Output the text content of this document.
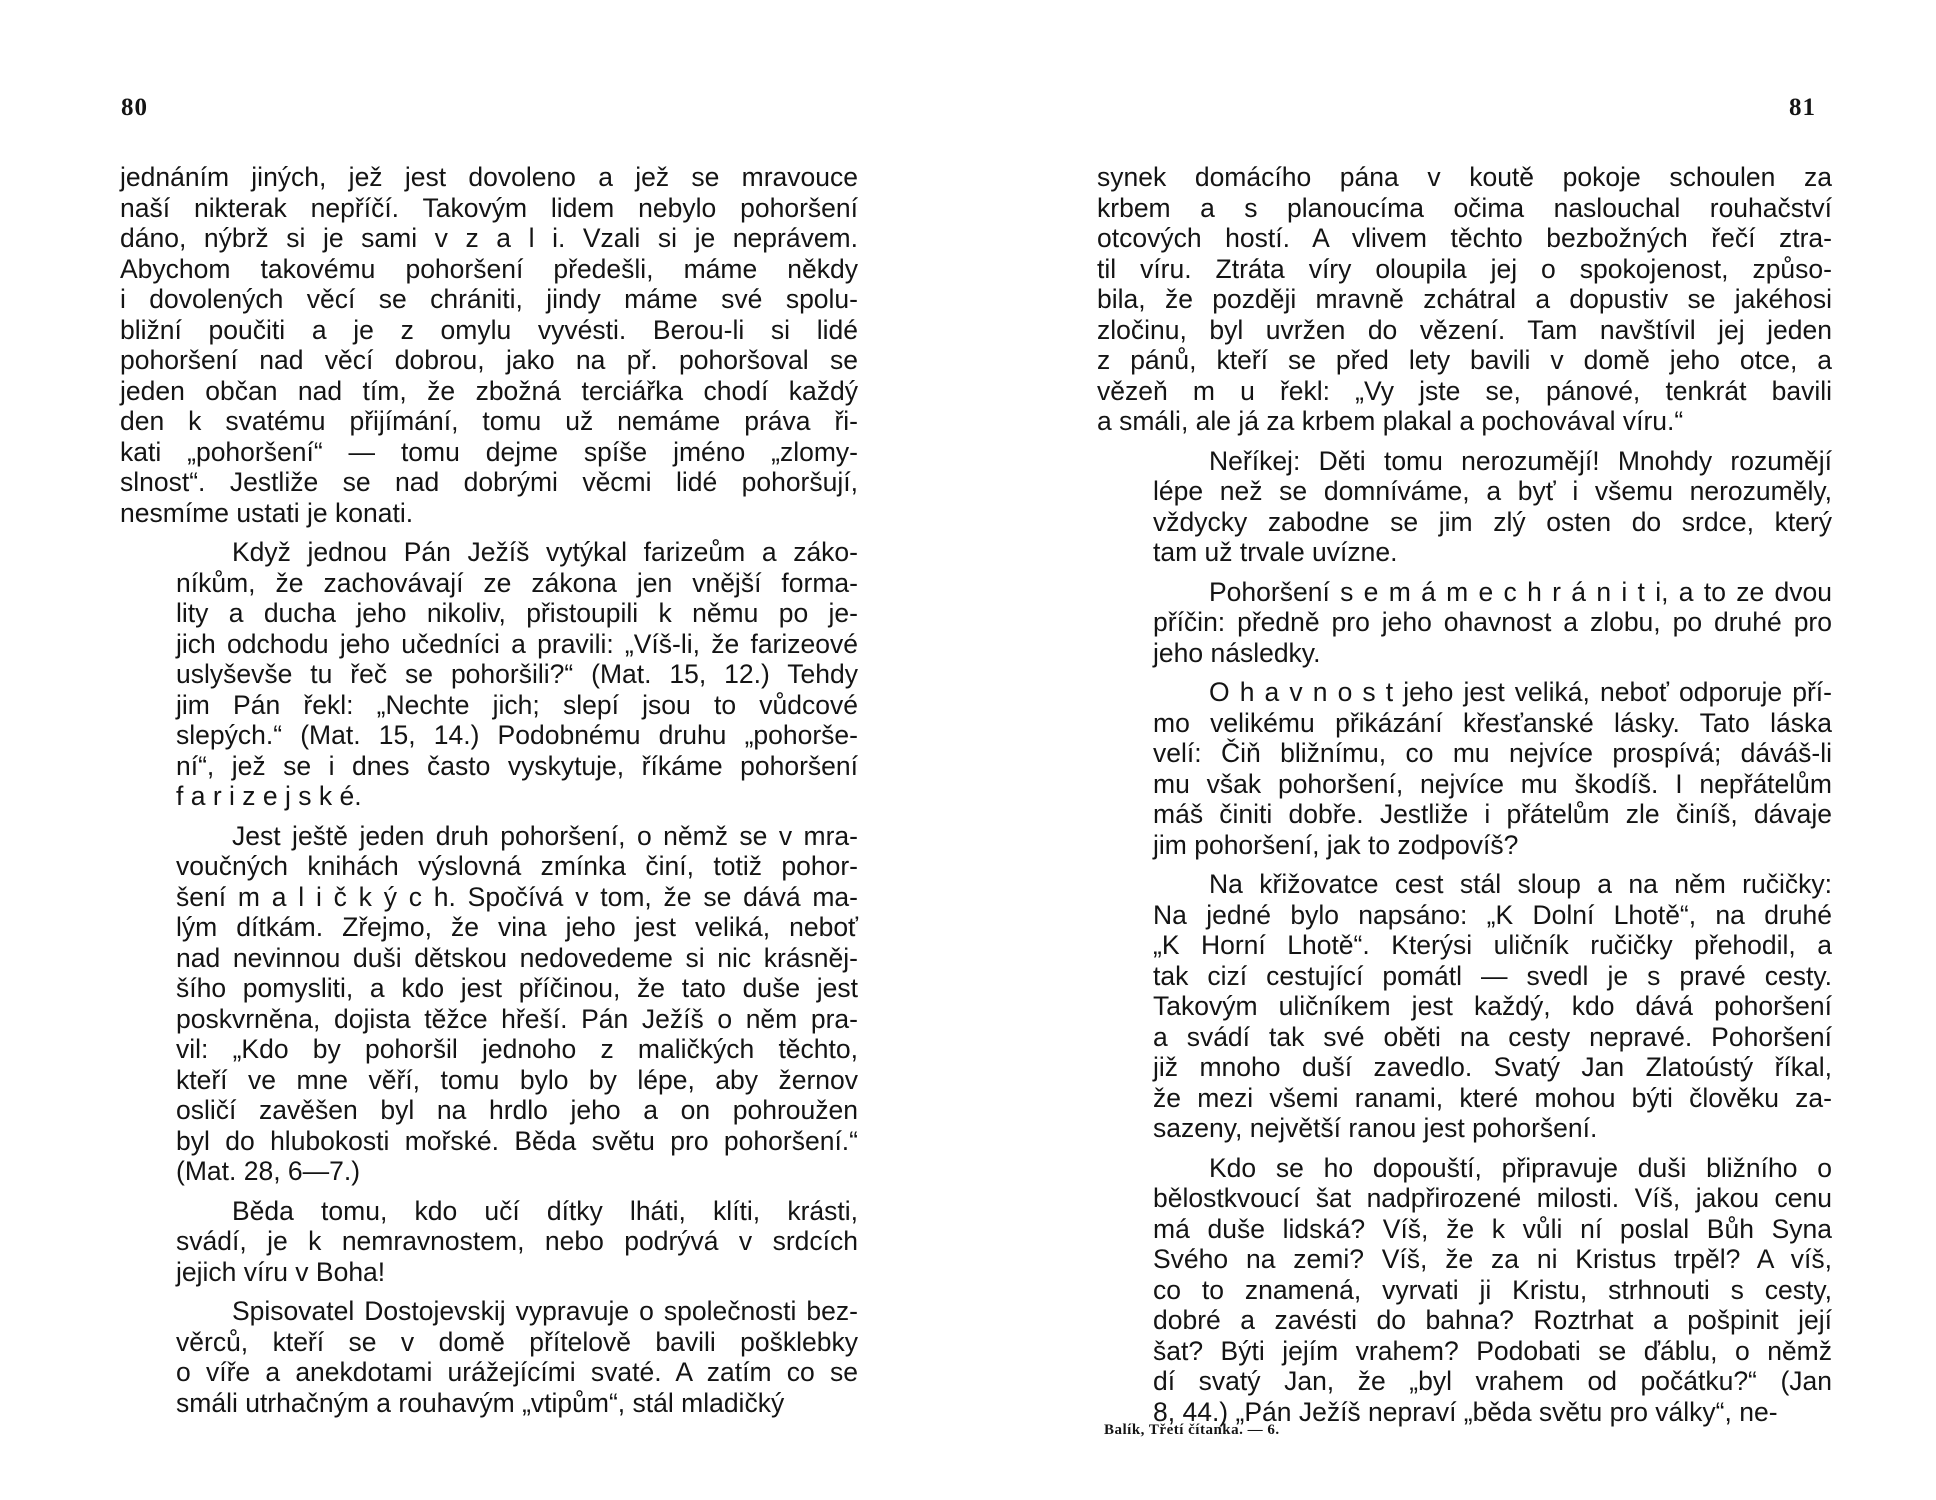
80
jednáním jiných, jež jest dovoleno a jež se mravouce
naší nikterak nepříčí. Takovým lidem nebylo pohoršení
dáno, nýbrž si je sami v z a l i. Vzali si je neprávem.
Abychom takovému pohoršení předešli, máme někdy
i dovolených věcí se chrániti, jindy máme své spolu-
bližní poučiti a je z omylu vyvésti. Berou-li si lidé
pohoršení nad věcí dobrou, jako na př. pohoršoval se
jeden občan nad tím, že zbožná terciářka chodí každý
den k svatému přijímání, tomu už nemáme práva ři-
kati „pohoršení“ — tomu dejme spíše jméno „zlomy-
slnost“. Jestliže se nad dobrými věcmi lidé pohoršují,
nesmíme ustati je konati.
Když jednou Pán Ježíš vytýkal farizeům a záko-
níkům, že zachovávají ze zákona jen vnější forma-
lity a ducha jeho nikoliv, přistoupili k němu po je-
jich odchodu jeho učedníci a pravili: „Víš-li, že farizeové
uslyševše tu řeč se pohoršili?“ (Mat. 15, 12.) Tehdy
jim Pán řekl: „Nechte jich; slepí jsou to vůdcové
slepých.“ (Mat. 15, 14.) Podobnému druhu „pohorše-
ní“, jež se i dnes často vyskytuje, říkáme pohoršení
f a r i z e j s k é.
Jest ještě jeden druh pohoršení, o němž se v mra-
voučných knihách výslovná zmínka činí, totiž pohor-
šení m a l i č k ý c h. Spočívá v tom, že se dává ma-
lým dítkám. Zřejmo, že vina jeho jest veliká, neboť
nad nevinnou duši dětskou nedovedeme si nic krásněj-
šího pomysliti, a kdo jest příčinou, že tato duše jest
poskvrněna, dojista těžce hřeší. Pán Ježíš o něm pra-
vil: „Kdo by pohoršil jednoho z maličkých těchto,
kteří ve mne věří, tomu bylo by lépe, aby žernov
osličí zavěšen byl na hrdlo jeho a on pohroužen
byl do hlubokosti mořské. Běda světu pro pohoršení.“
(Mat. 28, 6—7.)
Běda tomu, kdo učí dítky lháti, klíti, krásti,
svádí, je k nemravnostem, nebo podrývá v srdcích
jejich víru v Boha!
Spisovatel Dostojevskij vypravuje o společnosti bez-
věrců, kteří se v domě přítelově bavili pošklebky
o víře a anekdotami urážejícími svaté. A zatím co se
smáli utrhačným a rouhavým „vtipům“, stál mladičký
81
synek domácího pána v koutě pokoje schoulen za
krbem a s planoucíma očima naslouchal rouhačství
otcových hostí. A vlivem těchto bezbožných řečí ztra-
til víru. Ztráta víry oloupila jej o spokojenost, způso-
bila, že později mravně zchátral a dopustiv se jakéhosi
zločinu, byl uvržen do vězení. Tam navštívil jej jeden
z pánů, kteří se před lety bavili v domě jeho otce, a
vězeň m u řekl: „Vy jste se, pánové, tenkrát bavili
a smáli, ale já za krbem plakal a pochovával víru.“
Neříkej: Děti tomu nerozumějí! Mnohdy rozumějí
lépe než se domníváme, a byť i všemu nerozuměly,
vždycky zabodne se jim zlý osten do srdce, který
tam už trvale uvízne.
Pohoršení s e m á m e c h r á n i t i, a to ze dvou
příčin: předně pro jeho ohavnost a zlobu, po druhé pro
jeho následky.
O h a v n o s t jeho jest veliká, neboť odporuje pří-
mo velikému přikázání křesťanské lásky. Tato láska
velí: Čiň bližnímu, co mu nejvíce prospívá; dáváš-li
mu však pohoršení, nejvíce mu škodíš. I nepřátelům
máš činiti dobře. Jestliže i přátelům zle činíš, dávaje
jim pohoršení, jak to zodpovíš?
Na křižovatce cest stál sloup a na něm ručičky:
Na jedné bylo napsáno: „K Dolní Lhotě“, na druhé
„K Horní Lhotě“. Kterýsi uličník ručičky přehodil, a
tak cizí cestující pomátl — svedl je s pravé cesty.
Takovým uličníkem jest každý, kdo dává pohoršení
a svádí tak své oběti na cesty nepravé. Pohoršení
již mnoho duší zavedlo. Svatý Jan Zlatoústý říkal,
že mezi všemi ranami, které mohou býti člověku za-
sazeny, největší ranou jest pohoršení.
Kdo se ho dopouští, připravuje duši bližního o
bělostkvoucí šat nadpřirozené milosti. Víš, jakou cenu
má duše lidská? Víš, že k vůli ní poslal Bůh Syna
Svého na zemi? Víš, že za ni Kristus trpěl? A víš,
co to znamená, vyrvati ji Kristu, strhnouti s cesty,
dobré a zavésti do bahna? Roztrhat a pošpinit její
šat? Býti jejím vrahem? Podobati se ďáblu, o němž
dí svatý Jan, že „byl vrahem od počátku?“ (Jan
8, 44.) „Pán Ježíš nepraví „běda světu pro války“, ne-
Balík, Třetí čítanka. — 6.
